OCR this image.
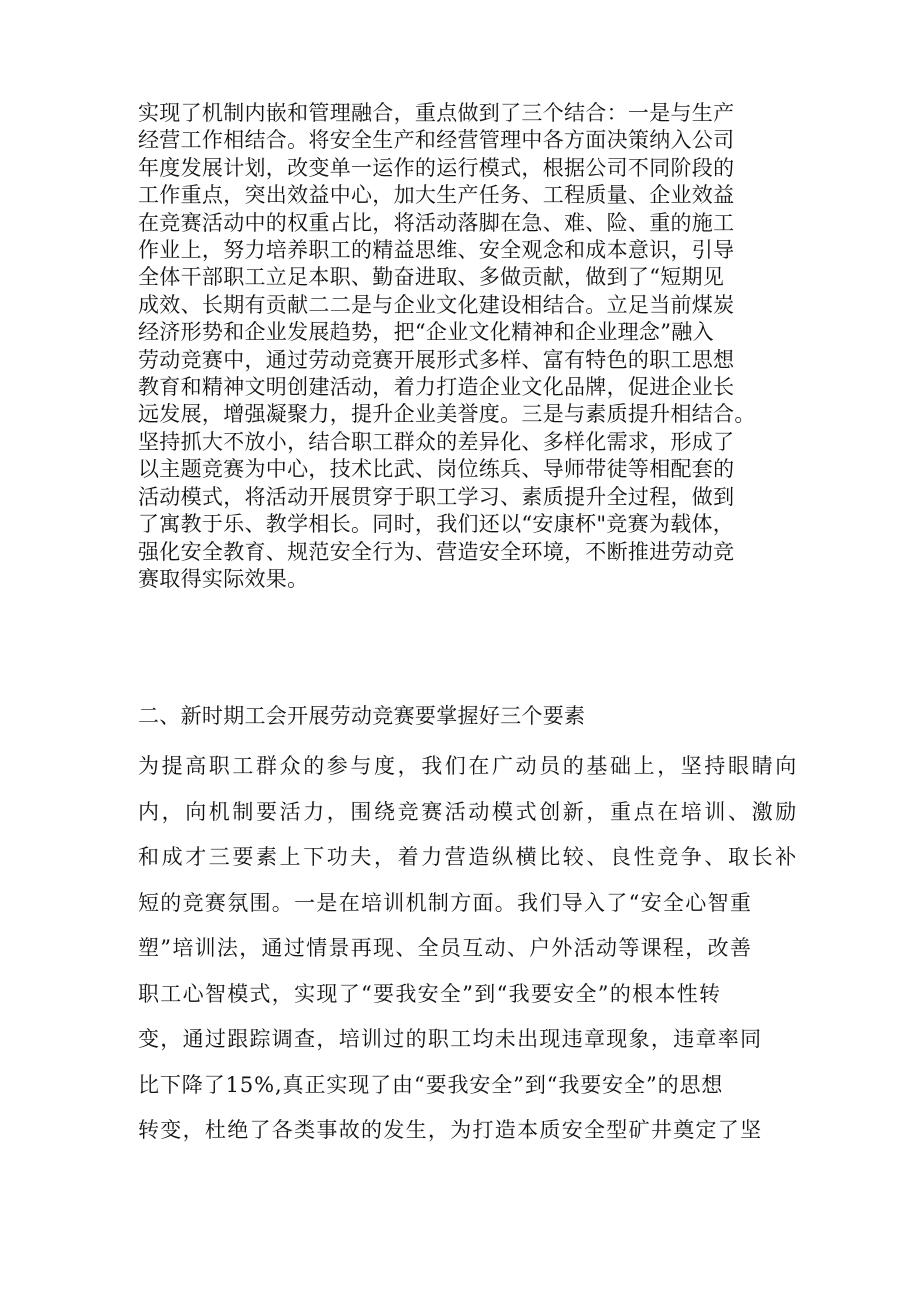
实现了机制内嵌和管理融合，重点做到了三个结合：一是与生产
经营工作相结合。将安全生产和经营管理中各方面决策纳入公司
年度发展计划，改变单一运作的运行模式，根据公司不同阶段的
工作重点，突出效益中心，加大生产任务、工程质量、企业效益
在竞赛活动中的权重占比，将活动落脚在急、难、险、重的施工
作业上，努力培养职工的精益思维、安全观念和成本意识，引导
全体干部职工立足本职、勤奋进取、多做贡献，做到了“短期见
成效、长期有贡献二二是与企业文化建设相结合。立足当前煤炭
经济形势和企业发展趋势，把“企业文化精神和企业理念”融入
劳动竞赛中，通过劳动竞赛开展形式多样、富有特色的职工思想
教育和精神文明创建活动，着力打造企业文化品牌，促进企业长
远发展，增强凝聚力，提升企业美誉度。三是与素质提升相结合。
坚持抓大不放小，结合职工群众的差异化、多样化需求，形成了
以主题竞赛为中心，技术比武、岗位练兵、导师带徒等相配套的
活动模式，将活动开展贯穿于职工学习、素质提升全过程，做到
了寓教于乐、教学相长。同时，我们还以“安康杯"竞赛为载体，
强化安全教育、规范安全行为、营造安全环境，不断推进劳动竞
赛取得实际效果。
二、新时期工会开展劳动竞赛要掌握好三个要素
为提高职工群众的参与度，我们在广动员的基础上，坚持眼睛向
内，向机制要活力，围绕竞赛活动模式创新，重点在培训、激励
和成才三要素上下功夫，着力营造纵横比较、良性竞争、取长补
短的竞赛氛围。一是在培训机制方面。我们导入了“安全心智重
塑”培训法，通过情景再现、全员互动、户外活动等课程，改善
职工心智模式，实现了“要我安全”到“我要安全”的根本性转
变，通过跟踪调查，培训过的职工均未出现违章现象，违章率同
比下降了15%,真正实现了由“要我安全”到“我要安全”的思想
转变，杜绝了各类事故的发生，为打造本质安全型矿井奠定了坚
